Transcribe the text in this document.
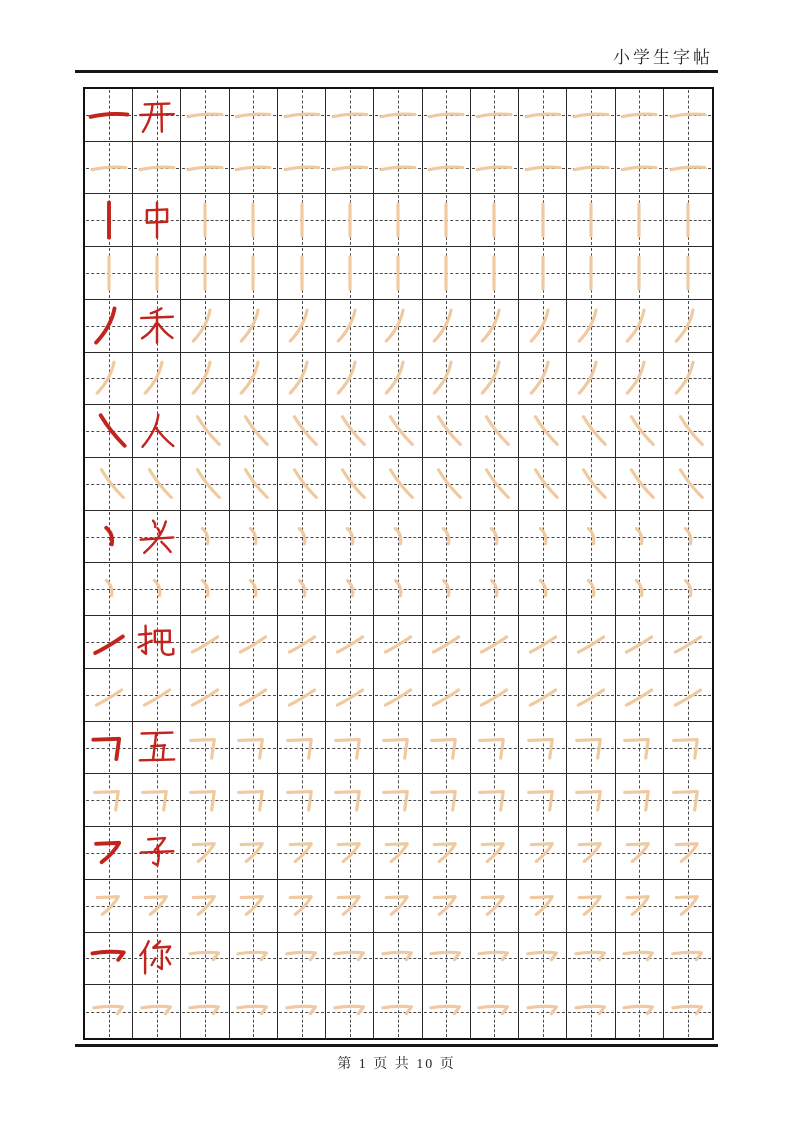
小学生字帖
第 1 页 共 10 页
